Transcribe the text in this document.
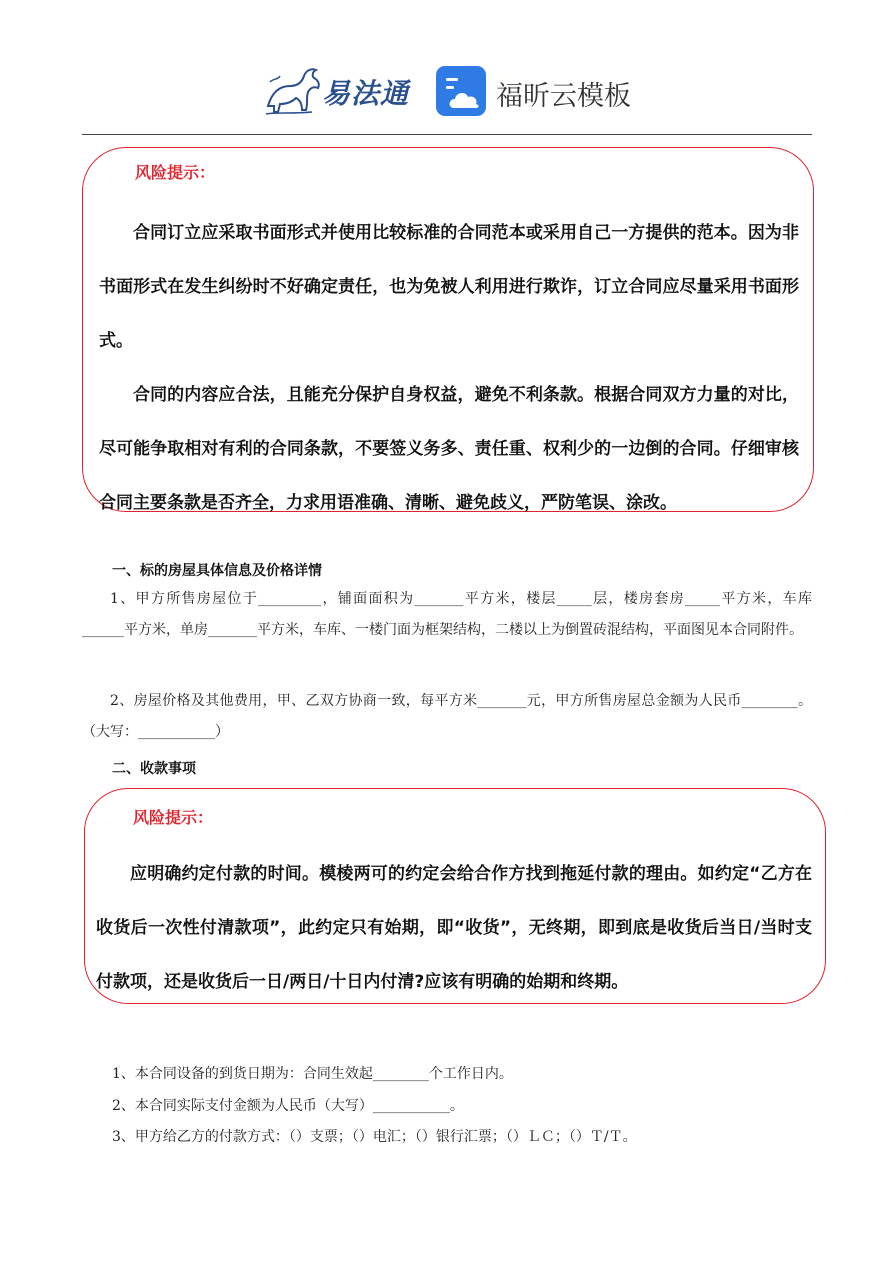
易法通	福昕云模板
风险提示：

合同订立应采取书面形式并使用比较标准的合同范本或采用自己一方提供的范本。因为非书面形式在发生纠纷时不好确定责任，也为免被人利用进行欺诈，订立合同应尽量采用书面形式。

合同的内容应合法，且能充分保护自身权益，避免不利条款。根据合同双方力量的对比，尽可能争取相对有利的合同条款，不要签义务多、责任重、权利少的一边倒的合同。仔细审核合同主要条款是否齐全，力求用语准确、清晰、避免歧义，严防笔误、涂改。

一、标的房屋具体信息及价格详情
1、甲方所售房屋位于_________，铺面面积为_______平方米，楼层_____层，楼房套房_____平方米，车库　______平方米，单房_______平方米，车库、一楼门面为框架结构，二楼以上为倒置砖混结构，平面图见本合同附件。
2、房屋价格及其他费用，甲、乙双方协商一致，每平方米_______元，甲方所售房屋总金额为人民币________。（大写：___________）
二、收款事项
风险提示：

应明确约定付款的时间。模棱两可的约定会给合作方找到拖延付款的理由。如约定“乙方在收货后一次性付清款项”，此约定只有始期，即“收货”，无终期，即到底是收货后当日/当时支付款项，还是收货后一日/两日/十日内付清?应该有明确的始期和终期。

1、本合同设备的到货日期为：合同生效起________个工作日内。
2、本合同实际支付金额为人民币（大写）___________。
3、甲方给乙方的付款方式：（）支票；（）电汇；（）银行汇票；（）ＬＣ；（）Ｔ/Ｔ。
